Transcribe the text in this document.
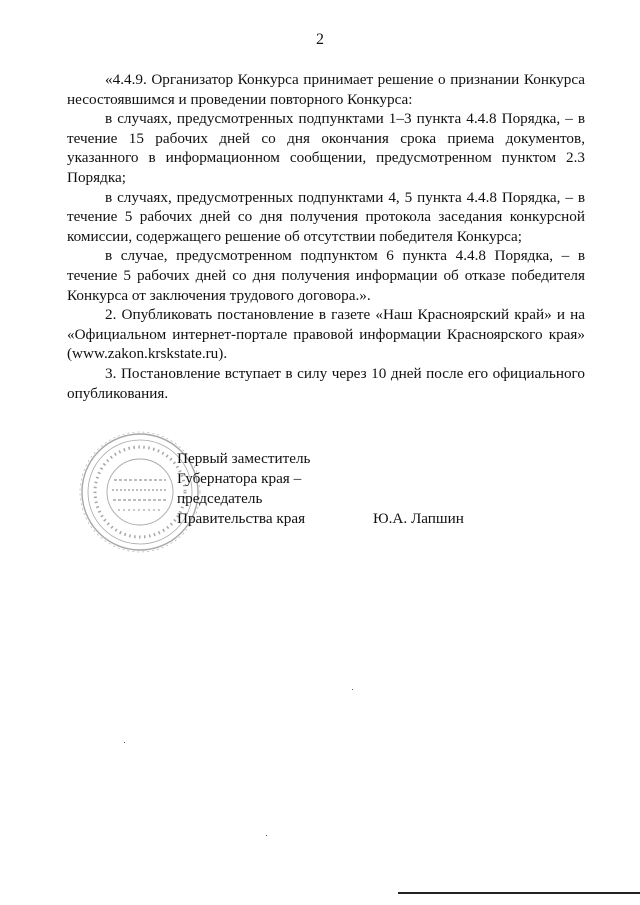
2

«4.4.9. Организатор Конкурса принимает решение о признании Конкурса несостоявшимся и проведении повторного Конкурса:

в случаях, предусмотренных подпунктами 1–3 пункта 4.4.8 Порядка, – в течение 15 рабочих дней со дня окончания срока приема документов, указанного в информационном сообщении, предусмотренном пунктом 2.3 Порядка;

в случаях, предусмотренных подпунктами 4, 5 пункта 4.4.8 Порядка, – в течение 5 рабочих дней со дня получения протокола заседания конкурсной комиссии, содержащего решение об отсутствии победителя Конкурса;

в случае, предусмотренном подпунктом 6 пункта 4.4.8 Порядка, – в течение 5 рабочих дней со дня получения информации об отказе победителя Конкурса от заключения трудового договора.».

2. Опубликовать постановление в газете «Наш Красноярский край» и на «Официальном интернет-портале правовой информации Красноярского края» (www.zakon.krskstate.ru).

3. Постановление вступает в силу через 10 дней после его официального опубликования.

Первый заместитель
Губернатора края –
председатель
Правительства края	Ю.А. Лапшин
